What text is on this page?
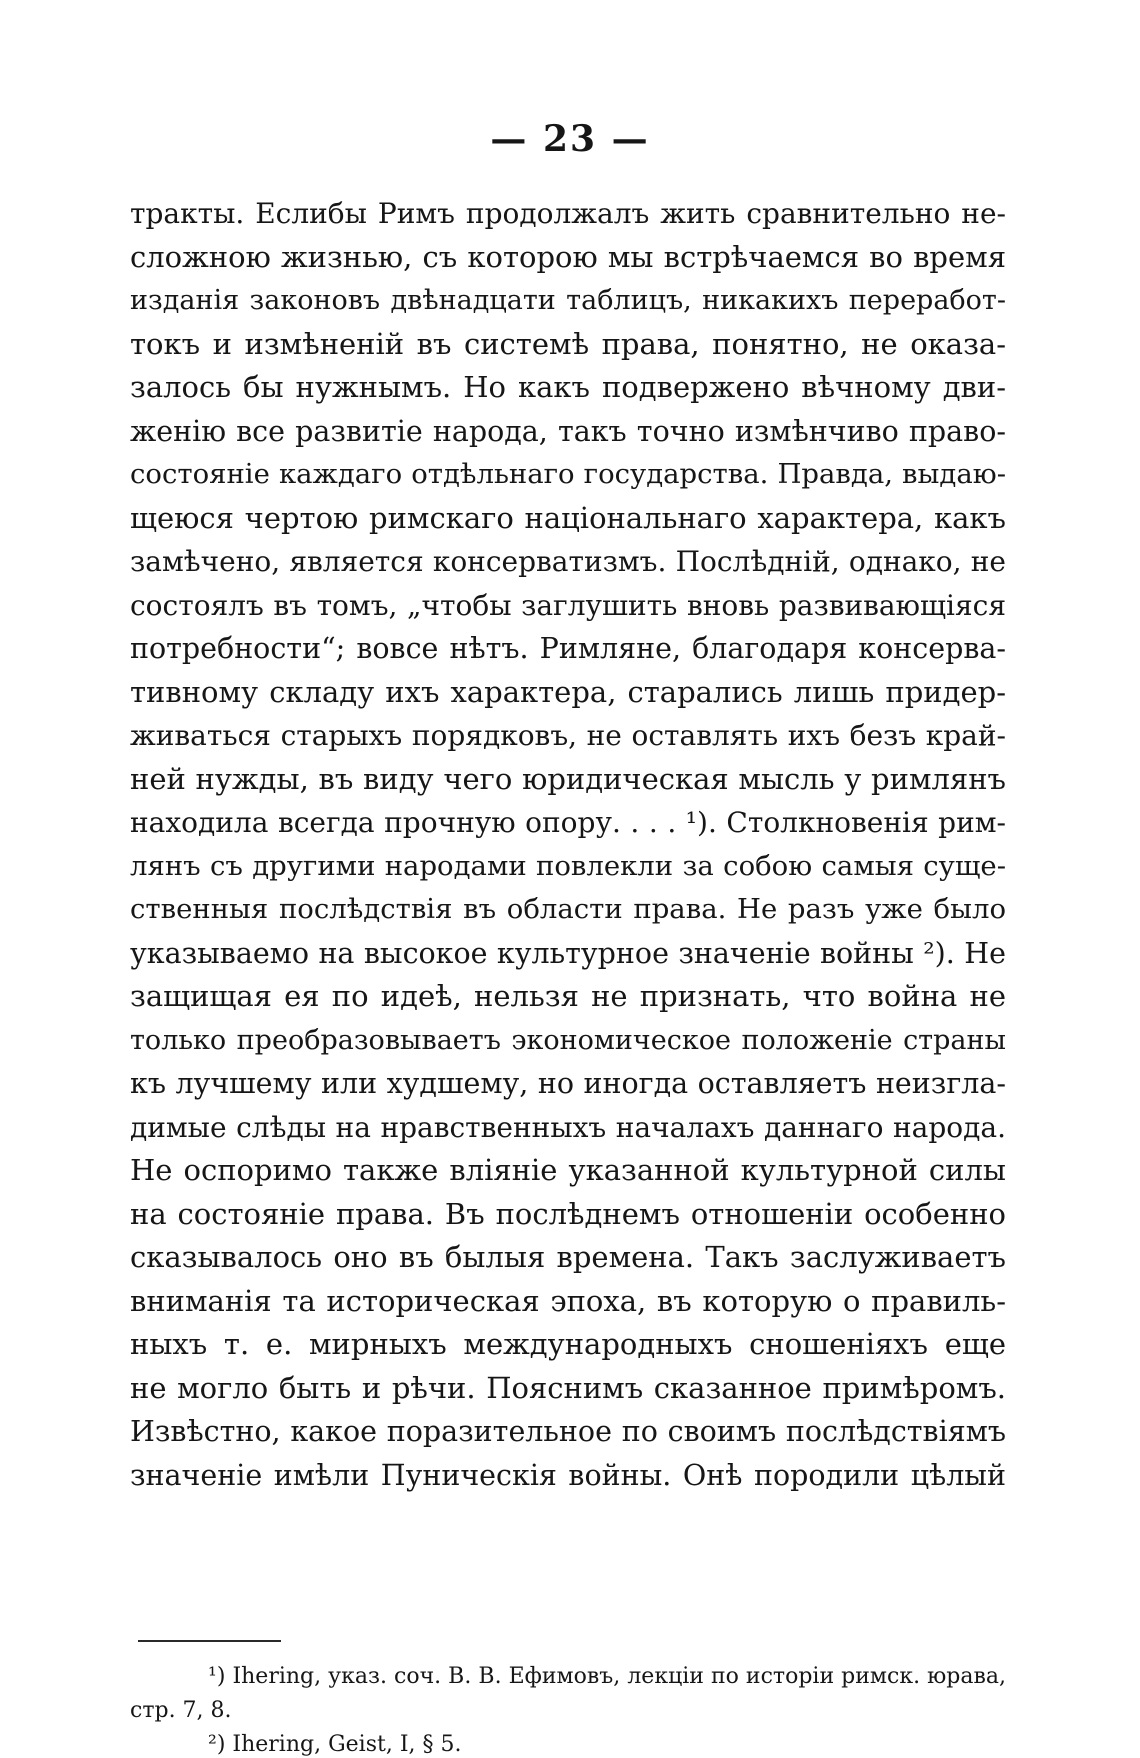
— 23 —
тракты. Еслибы Римъ продолжалъ жить сравнительно не-
сложною жизнью, съ которою мы встрѣчаемся во время
изданія законовъ двѣнадцати таблицъ, никакихъ переработ-
токъ и измѣненій въ системѣ права, понятно, не оказа-
залось бы нужнымъ. Но какъ подвержено вѣчному дви-
женію все развитіе народа, такъ точно измѣнчиво право-
состояніе каждаго отдѣльнаго государства. Правда, выдаю-
щеюся чертою римскаго національнаго характера, какъ
замѣчено, является консерватизмъ. Послѣдній, однако, не
состоялъ въ томъ, „чтобы заглушить вновь развивающіяся
потребности“; вовсе нѣтъ. Римляне, благодаря консерва-
тивному складу ихъ характера, старались лишь придер-
живаться старыхъ порядковъ, не оставлять ихъ безъ край-
ней нужды, въ виду чего юридическая мысль у римлянъ
находила всегда прочную опору. . . . ¹). Столкновенія рим-
лянъ съ другими народами повлекли за собою самыя суще-
ственныя послѣдствія въ области права. Не разъ уже было
указываемо на высокое культурное значеніе войны ²). Не
защищая ея по идеѣ, нельзя не признать, что война не
только преобразовываетъ экономическое положеніе страны
къ лучшему или худшему, но иногда оставляетъ неизгла-
димые слѣды на нравственныхъ началахъ даннаго народа.
Не оспоримо также вліяніе указанной культурной силы
на состояніе права. Въ послѣднемъ отношеніи особенно
сказывалось оно въ былыя времена. Такъ заслуживаетъ
вниманія та историческая эпоха, въ которую о правиль-
ныхъ т. е. мирныхъ международныхъ сношеніяхъ еще
не могло быть и рѣчи. Пояснимъ сказанное примѣромъ.
Извѣстно, какое поразительное по своимъ послѣдствіямъ
значеніе имѣли Пуническія войны. Онѣ породили цѣлый
¹) Ihering, указ. соч. В. В. Ефимовъ, лекціи по исторіи римск. юрава,
стр. 7, 8.
²) Ihering, Geist, I, § 5.
